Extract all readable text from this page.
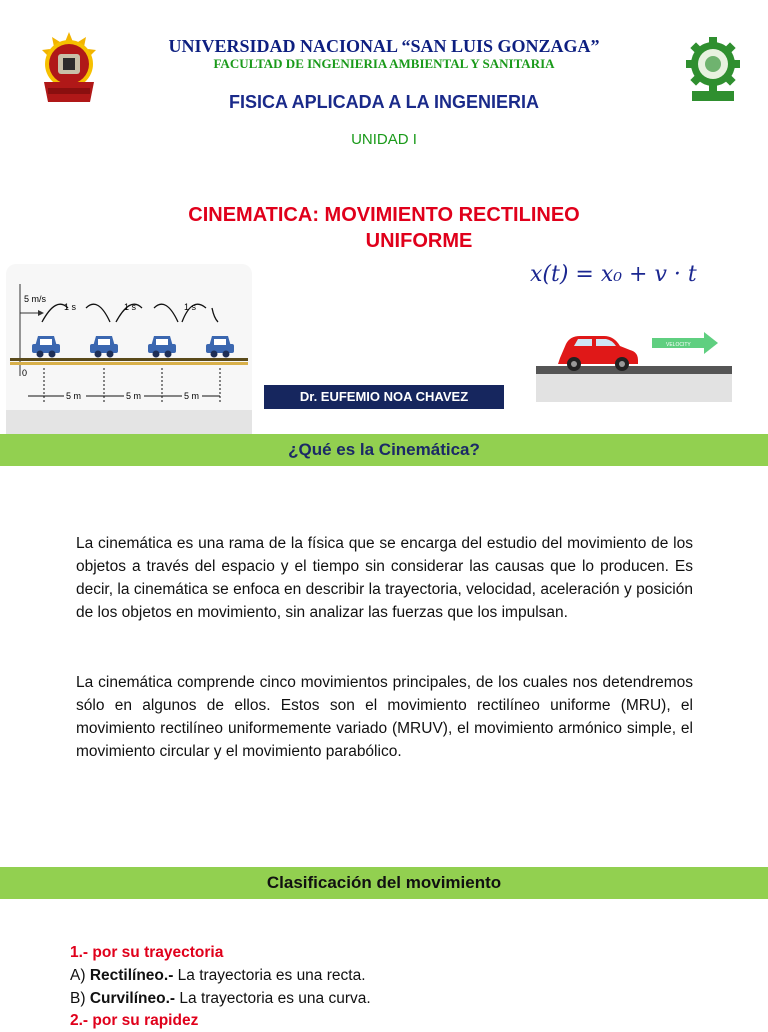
UNIVERSIDAD NACIONAL “SAN LUIS GONZAGA”
FACULTAD DE INGENIERIA AMBIENTAL Y SANITARIA
FISICA APLICADA A LA INGENIERIA
UNIDAD I
CINEMATICA: MOVIMIENTO RECTILINEO
UNIFORME
5 m/s
1 s	1 s	1 s
0
5 m	5 m	5 m
x(t) = x₀ + v · t
VELOCITY
Dr. EUFEMIO NOA CHAVEZ
¿Qué es la Cinemática?
La cinemática es una rama de la física que se encarga del estudio del movimiento de los objetos a través del espacio y el tiempo sin considerar las causas que lo producen. Es decir, la cinemática se enfoca en describir la trayectoria, velocidad, aceleración y posición de los objetos en movimiento, sin analizar las fuerzas que los impulsan.
La cinemática comprende cinco movimientos principales, de los cuales nos detendremos sólo en algunos de ellos. Estos son el movimiento rectilíneo uniforme (MRU), el movimiento rectilíneo uniformemente variado (MRUV), el movimiento armónico simple, el movimiento circular y el movimiento parabólico.
Clasificación del movimiento
1.- por su trayectoria
A) Rectilíneo.- La trayectoria es una recta.
B) Curvilíneo.- La trayectoria es una curva.
2.- por su rapidez
